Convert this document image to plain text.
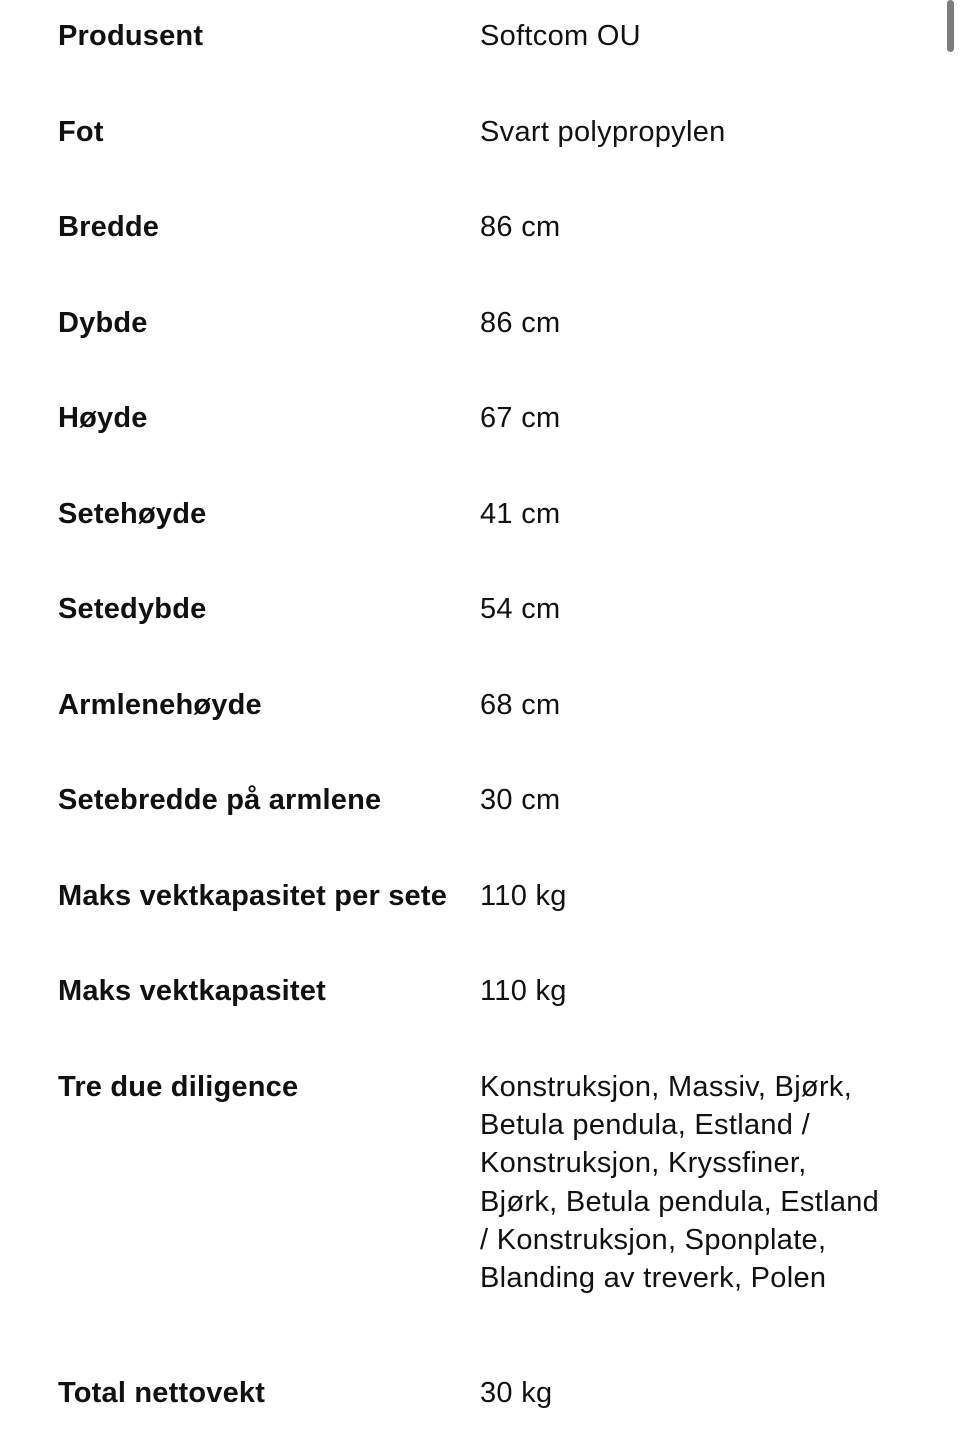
Produsent	Softcom OU
Fot	Svart polypropylen
Bredde	86 cm
Dybde	86 cm
Høyde	67 cm
Setehøyde	41 cm
Setedybde	54 cm
Armlenehøyde	68 cm
Setebredde på armlene	30 cm
Maks vektkapasitet per sete	110 kg
Maks vektkapasitet	110 kg
Tre due diligence	Konstruksjon, Massiv, Bjørk, Betula pendula, Estland / Konstruksjon, Kryssfiner, Bjørk, Betula pendula, Estland / Konstruksjon, Sponplate, Blanding av treverk, Polen
Total nettovekt	30 kg
